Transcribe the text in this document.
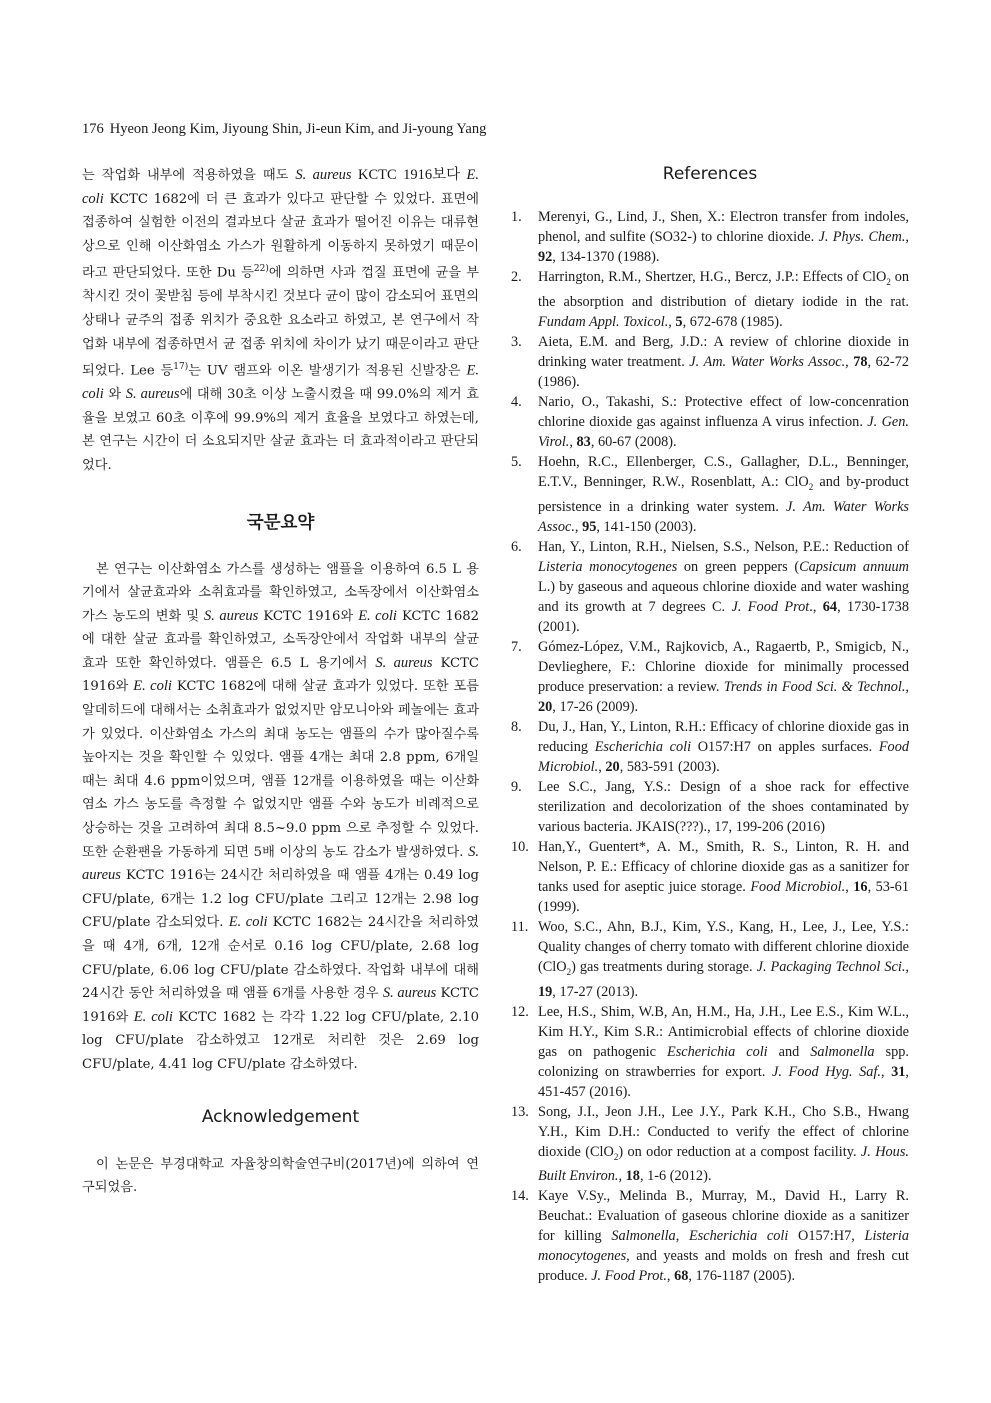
176 Hyeon Jeong Kim, Jiyoung Shin, Ji-eun Kim, and Ji-young Yang

는 작업화 내부에 적용하였을 때도 S. aureus KCTC 1916보다 E. coli KCTC 1682에 더 큰 효과가 있다고 판단할 수 있었다. 표면에 접종하여 실험한 이전의 결과보다 살균 효과가 떨어진 이유는 대류현상으로 인해 이산화염소 가스가 원활하게 이동하지 못하였기 때문이라고 판단되었다. 또한 Du 등$^{22)}$에 의하면 사과 껍질 표면에 균을 부착시킨 것이 꽃받침 등에 부착시킨 것보다 균이 많이 감소되어 표면의 상태나 균주의 접종 위치가 중요한 요소라고 하였고, 본 연구에서 작업화 내부에 접종하면서 균 접종 위치에 차이가 났기 때문이라고 판단되었다. Lee 등$^{17)}$는 UV 램프와 이온 발생기가 적용된 신발장은 E. coli 와 S. aureus에 대해 30초 이상 노출시켰을 때 99.0%의 제거 효율을 보였고 60초 이후에 99.9%의 제거 효율을 보였다고 하였는데, 본 연구는 시간이 더 소요되지만 살균 효과는 더 효과적이라고 판단되었다.

국문요약

본 연구는 이산화염소 가스를 생성하는 앰플을 이용하여 6.5 L 용기에서 살균효과와 소취효과를 확인하였고, 소독장에서 이산화염소 가스 농도의 변화 및 S. aureus KCTC 1916와 E. coli KCTC 1682에 대한 살균 효과를 확인하였고, 소독장안에서 작업화 내부의 살균 효과 또한 확인하였다. 앰플은 6.5 L 용기에서 S. aureus KCTC 1916와 E. coli KCTC 1682에 대해 살균 효과가 있었다. 또한 포름알데히드에 대해서는 소취효과가 없었지만 암모니아와 페놀에는 효과가 있었다. 이산화염소 가스의 최대 농도는 앰플의 수가 많아질수록 높아지는 것을 확인할 수 있었다. 앰플 4개는 최대 2.8 ppm, 6개일 때는 최대 4.6 ppm이었으며, 앰플 12개를 이용하였을 때는 이산화염소 가스 농도를 측정할 수 없었지만 앰플 수와 농도가 비례적으로 상승하는 것을 고려하여 최대 8.5~9.0 ppm 으로 추정할 수 있었다. 또한 순환팬을 가동하게 되면 5배 이상의 농도 감소가 발생하였다. S. aureus KCTC 1916는 24시간 처리하였을 때 앰플 4개는 0.49 log CFU/plate, 6개는 1.2 log CFU/plate 그리고 12개는 2.98 log CFU/plate 감소되었다. E. coli KCTC 1682는 24시간을 처리하였을 때 4개, 6개, 12개 순서로 0.16 log CFU/plate, 2.68 log CFU/plate, 6.06 log CFU/plate 감소하였다. 작업화 내부에 대해 24시간 동안 처리하였을 때 앰플 6개를 사용한 경우 S. aureus KCTC 1916와 E. coli KCTC 1682 는 각각 1.22 log CFU/plate, 2.10 log CFU/plate 감소하였고 12개로 처리한 것은 2.69 log CFU/plate, 4.41 log CFU/plate 감소하였다.

Acknowledgement

이 논문은 부경대학교 자율창의학술연구비(2017년)에 의하여 연구되었음.

References
1.	Merenyi, G., Lind, J., Shen, X.: Electron transfer from indoles, phenol, and sulfite (SO32-) to chlorine dioxide. J. Phys. Chem., 92, 134-1370 (1988).
2.	Harrington, R.M., Shertzer, H.G., Bercz, J.P.: Effects of ClO$_2$ on the absorption and distribution of dietary iodide in the rat. Fundam Appl. Toxicol., 5, 672-678 (1985).
3.	Aieta, E.M. and Berg, J.D.: A review of chlorine dioxide in drinking water treatment. J. Am. Water Works Assoc., 78, 62-72 (1986).
4.	Nario, O., Takashi, S.: Protective effect of low-concenration chlorine dioxide gas against influenza A virus infection. J. Gen. Virol., 83, 60-67 (2008).
5.	Hoehn, R.C., Ellenberger, C.S., Gallagher, D.L., Benninger, E.T.V., Benninger, R.W., Rosenblatt, A.: ClO$_2$ and by-product persistence in a drinking water system. J. Am. Water Works Assoc., 95, 141-150 (2003).
6.	Han, Y., Linton, R.H., Nielsen, S.S., Nelson, P.E.: Reduction of Listeria monocytogenes on green peppers (Capsicum annuum L.) by gaseous and aqueous chlorine dioxide and water washing and its growth at 7 degrees C. J. Food Prot., 64, 1730-1738 (2001).
7.	Gómez-López, V.M., Rajkovicb, A., Ragaertb, P., Smigicb, N., Devlieghere, F.: Chlorine dioxide for minimally processed produce preservation: a review. Trends in Food Sci. & Technol., 20, 17-26 (2009).
8.	Du, J., Han, Y., Linton, R.H.: Efficacy of chlorine dioxide gas in reducing Escherichia coli O157:H7 on apples surfaces. Food Microbiol., 20, 583-591 (2003).
9.	Lee S.C., Jang, Y.S.: Design of a shoe rack for effective sterilization and decolorization of the shoes contaminated by various bacteria. JKAIS(???)., 17, 199-206 (2016)
10. Han,Y., Guentert*, A. M., Smith, R. S., Linton, R. H. and Nelson, P. E.: Efficacy of chlorine dioxide gas as a sanitizer for tanks used for aseptic juice storage. Food Microbiol., 16, 53-61 (1999).
11. Woo, S.C., Ahn, B.J., Kim, Y.S., Kang, H., Lee, J., Lee, Y.S.: Quality changes of cherry tomato with different chlorine dioxide (ClO$_2$) gas treatments during storage. J. Packaging Technol Sci., 19, 17-27 (2013).
12. Lee, H.S., Shim, W.B, An, H.M., Ha, J.H., Lee E.S., Kim W.L., Kim H.Y., Kim S.R.: Antimicrobial effects of chlorine dioxide gas on pathogenic Escherichia coli and Salmonella spp. colonizing on strawberries for export. J. Food Hyg. Saf., 31, 451-457 (2016).
13. Song, J.I., Jeon J.H., Lee J.Y., Park K.H., Cho S.B., Hwang Y.H., Kim D.H.: Conducted to verify the effect of chlorine dioxide (ClO$_2$) on odor reduction at a compost facility. J. Hous. Built Environ., 18, 1-6 (2012).
14. Kaye V.Sy., Melinda B., Murray, M., David H., Larry R. Beuchat.: Evaluation of gaseous chlorine dioxide as a sanitizer for killing Salmonella, Escherichia coli O157:H7, Listeria monocytogenes, and yeasts and molds on fresh and fresh cut produce. J. Food Prot., 68, 176-1187 (2005).
